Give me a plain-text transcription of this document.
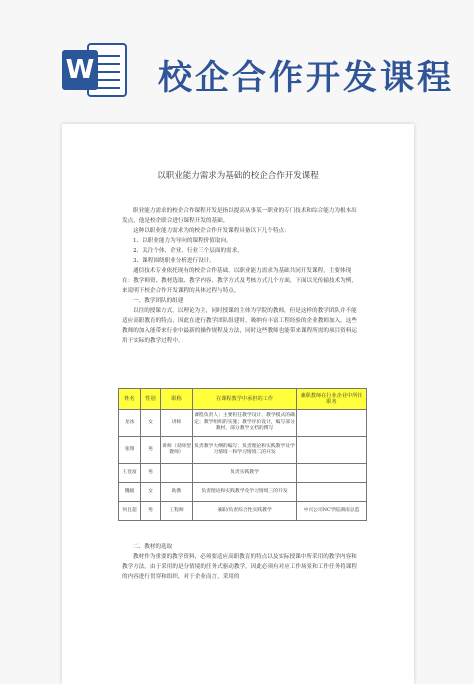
W 校企合作开发课程
以职业能力需求为基础的校企合作开发课程

职业能力需求的校企合作课程开发是指以提高从事某一职业的专门技术和综合能力为根本出发点，他是校企联合进行课程开发的基础。

这种以职业能力需求为的校企合作开发课程具备以下几个特点：

1、以职业能力为导向的课程价值取向。

2、关注个体、企业、行业三个层面的需求。

3、课程围绕职业分析进行设计。

通信技术专业依托现有的校企合作基础，以职业能力需求为基础共同开发课程，主要体现在：教学师资、教材选取、教学内容、教学方式及考核方式几个方面，下面以光传输技术为例，来说明下校企合作开发课程的具体过程与特点。

一、教学团队的组建

以往的授课方式，以理论为主，同时授课的主体为学院的教师，但是这样的教学团队并不能适应高职教育的特点，因此在进行教学团队组建时，吸纳有丰富工程经验的企业教师加入。这些教师的加入能带来行业中最新的操作规程及方法，同时这些教师也能带来课程所需的项目资料运用于实际的教学过程中。

姓名	性别	职称	在课程教学中承担的工作	兼职教师在行业企业中所任职务
龙冰	女	讲师	课程负责人；主要担任教学设计、教学模式的确定；教学组织的实施；教学评价设计，编写部分教材，部分教学文档的撰写	
张翔	男	讲师（双师型教师）	负责教学大纲的编写；负责理论和实践教学及学习情境一和学习情境二的开发	
王登富	男		负责实践教学	
魏媛	女	助教	负责理论和实践教学及学习情境三的开发	
何且超	男	工程师	兼职/负责综合性实践教学	中兴公司NC学院湖南总监

二、教材的选取

教材作为重要的教学资料，必须要适应高职教育的特点以及实际授课中所采用的教学内容和教学方法。由于采用的是分情境的任务式驱动教学，因此必须有对应工作场景和工作任务将课程的内容进行贯穿和组织。对于企业而言，采用的
